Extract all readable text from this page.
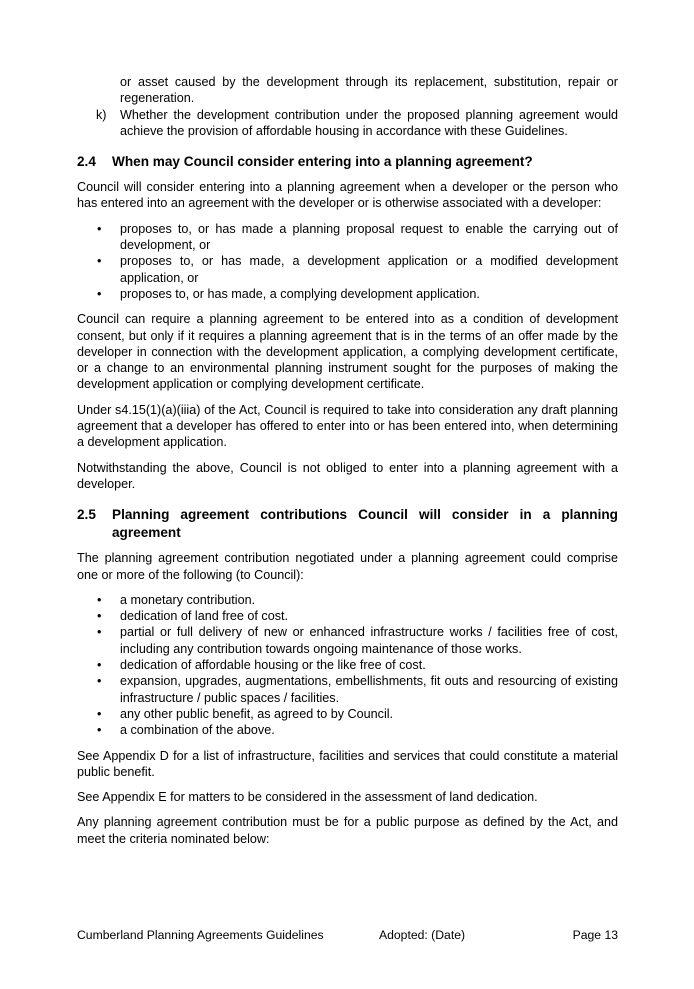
or asset caused by the development through its replacement, substitution, repair or regeneration.

k)	Whether the development contribution under the proposed planning agreement would achieve the provision of affordable housing in accordance with these Guidelines.
2.4	When may Council consider entering into a planning agreement?

Council will consider entering into a planning agreement when a developer or the person who has entered into an agreement with the developer or is otherwise associated with a developer:

•	proposes to, or has made a planning proposal request to enable the carrying out of development, or
•	proposes to, or has made, a development application or a modified development application, or
•	proposes to, or has made, a complying development application.

Council can require a planning agreement to be entered into as a condition of development consent, but only if it requires a planning agreement that is in the terms of an offer made by the developer in connection with the development application, a complying development certificate, or a change to an environmental planning instrument sought for the purposes of making the development application or complying development certificate.

Under s4.15(1)(a)(iiia) of the Act, Council is required to take into consideration any draft planning agreement that a developer has offered to enter into or has been entered into, when determining a development application.

Notwithstanding the above, Council is not obliged to enter into a planning agreement with a developer.

2.5	Planning agreement contributions Council will consider in a planning agreement

The planning agreement contribution negotiated under a planning agreement could comprise one or more of the following (to Council):

•	a monetary contribution.
•	dedication of land free of cost.
•	partial or full delivery of new or enhanced infrastructure works / facilities free of cost, including any contribution towards ongoing maintenance of those works.
•	dedication of affordable housing or the like free of cost.
•	expansion, upgrades, augmentations, embellishments, fit outs and resourcing of existing infrastructure / public spaces / facilities.
•	any other public benefit, as agreed to by Council.
•	a combination of the above.

See Appendix D for a list of infrastructure, facilities and services that could constitute a material public benefit.

See Appendix E for matters to be considered in the assessment of land dedication.

Any planning agreement contribution must be for a public purpose as defined by the Act, and meet the criteria nominated below:

Cumberland Planning Agreements Guidelines	Adopted: (Date)	Page 13
